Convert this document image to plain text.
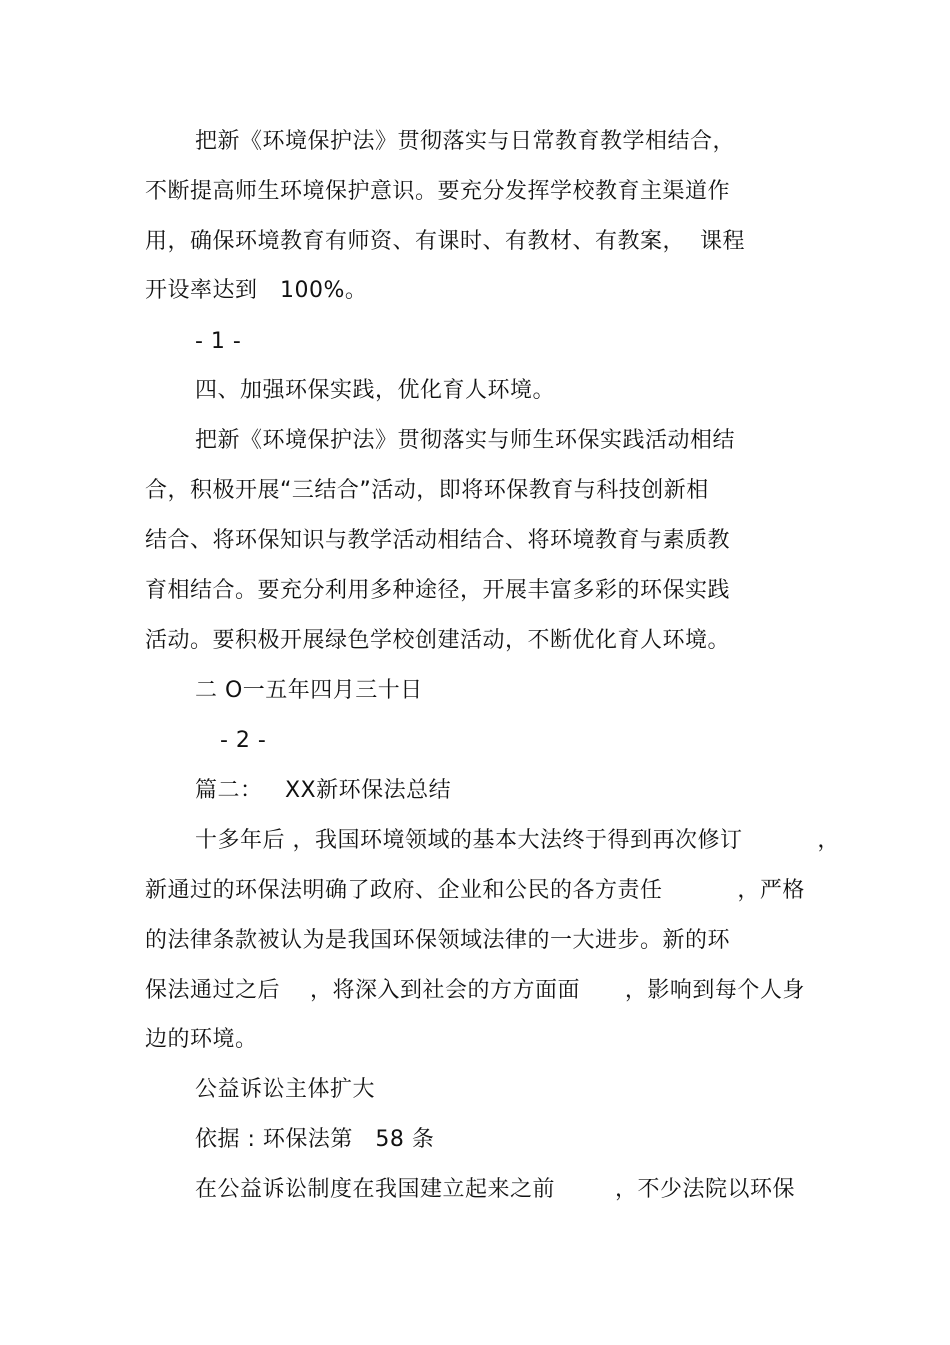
把新《环境保护法》贯彻落实与日常教育教学相结合，
不断提高师生环境保护意识。要充分发挥学校教育主渠道作
用，确保环境教育有师资、有课时、有教材、有教案，  课程
开设率达到   100%。
- 1 -
四、加强环保实践，优化育人环境。
把新《环境保护法》贯彻落实与师生环保实践活动相结
合，积极开展“三结合”活动，即将环保教育与科技创新相
结合、将环保知识与教学活动相结合、将环境教育与素质教
育相结合。要充分利用多种途径，开展丰富多彩的环保实践
活动。要积极开展绿色学校创建活动，不断优化育人环境。
二 O一五年四月三十日
- 2 -
篇二：   XX新环保法总结
十多年后 ，我国环境领域的基本大法终于得到再次修订          ，
新通过的环保法明确了政府、企业和公民的各方责任          ，严格
的法律条款被认为是我国环保领域法律的一大进步。新的环
保法通过之后    ，将深入到社会的方方面面      ，影响到每个人身
边的环境。
公益诉讼主体扩大
依据 : 环保法第   58 条
在公益诉讼制度在我国建立起来之前        ，不少法院以环保
